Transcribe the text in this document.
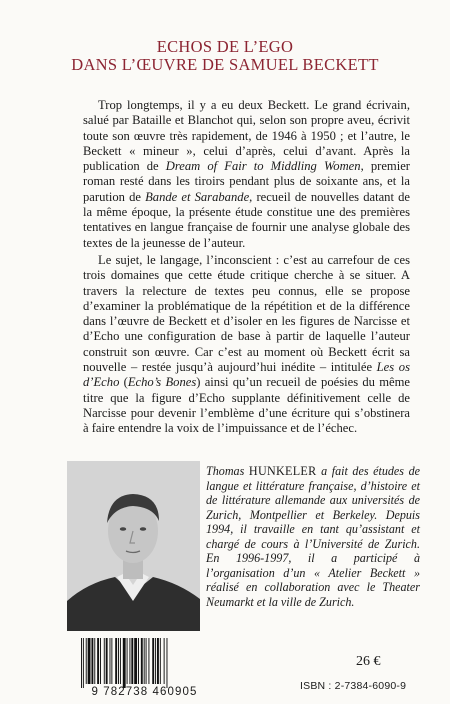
ECHOS DE L’EGO
DANS L’ŒUVRE DE SAMUEL BECKETT

Trop longtemps, il y a eu deux Beckett. Le grand écrivain, salué par Bataille et Blanchot qui, selon son propre aveu, écrivit toute son œuvre très rapidement, de 1946 à 1950 ; et l’autre, le Beckett « mineur », celui d’après, celui d’avant. Après la publication de Dream of Fair to Middling Women, premier roman resté dans les tiroirs pendant plus de soixante ans, et la parution de Bande et Sarabande, recueil de nouvelles datant de la même époque, la présente étude constitue une des premières tentatives en langue française de fournir une analyse globale des textes de la jeunesse de l’auteur.

Le sujet, le langage, l’inconscient : c’est au carrefour de ces trois domaines que cette étude critique cherche à se situer. A travers la relecture de textes peu connus, elle se propose d’examiner la problématique de la répétition et de la différence dans l’œuvre de Beckett et d’isoler en les figures de Narcisse et d’Echo une configuration de base à partir de laquelle l’auteur construit son œuvre. Car c’est au moment où Beckett écrit sa nouvelle – restée jusqu’à aujourd’hui inédite – intitulée Les os d’Echo (Echo’s Bones) ainsi qu’un recueil de poésies du même titre que la figure d’Echo supplante définitivement celle de Narcisse pour devenir l’emblème d’une écriture qui s’obstinera à faire entendre la voix de l’impuissance et de l’échec.

Thomas HUNKELER a fait des études de langue et littérature française, d’histoire et de littérature allemande aux universités de Zurich, Montpellier et Berkeley. Depuis 1994, il travaille en tant qu’assistant et chargé de cours à l’Université de Zurich. En 1996-1997, il a participé à l’organisation d’un « Atelier Beckett » réalisé en collaboration avec le Theater Neumarkt et la ville de Zurich.
9 782738 460905
26 €
ISBN : 2-7384-6090-9
